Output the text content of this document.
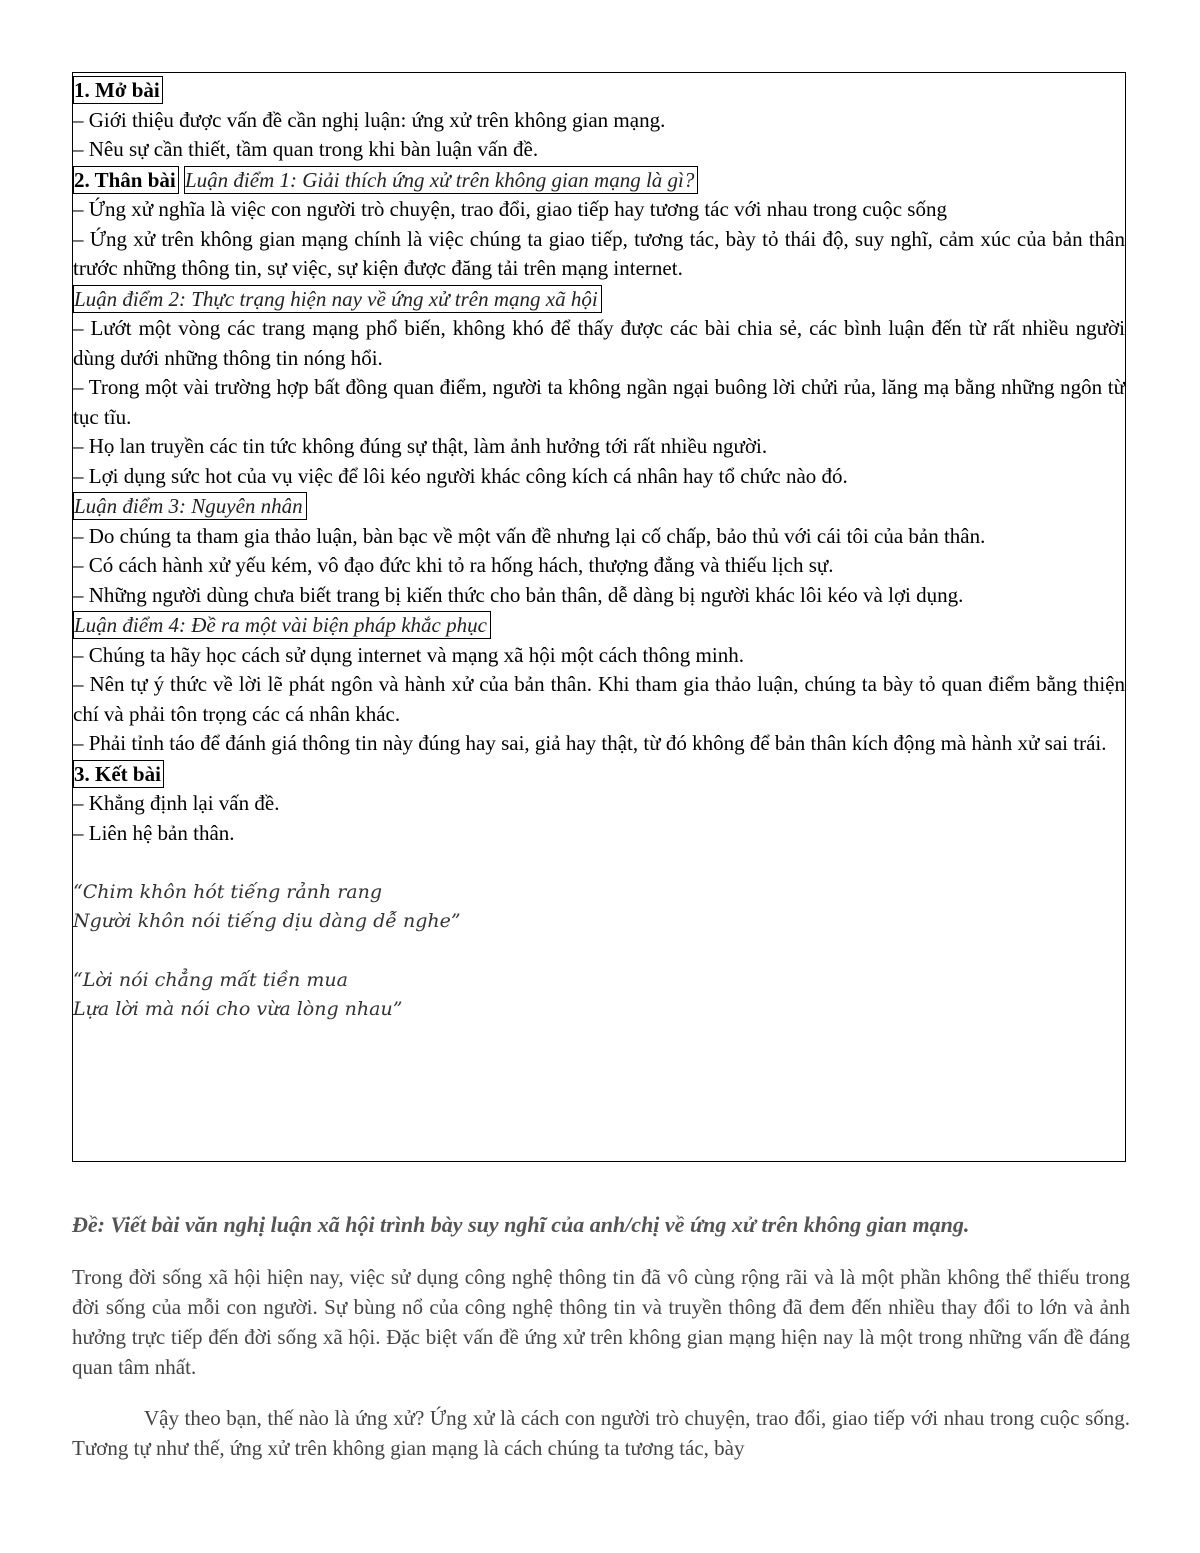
1. Mở bài
– Giới thiệu được vấn đề cần nghị luận: ứng xử trên không gian mạng.
– Nêu sự cần thiết, tầm quan trong khi bàn luận vấn đề.
2. Thân bài Luận điểm 1: Giải thích ứng xử trên không gian mạng là gì?
– Ứng xử nghĩa là việc con người trò chuyện, trao đổi, giao tiếp hay tương tác với nhau trong cuộc sống
– Ứng xử trên không gian mạng chính là việc chúng ta giao tiếp, tương tác, bày tỏ thái độ, suy nghĩ, cảm xúc của bản thân trước những thông tin, sự việc, sự kiện được đăng tải trên mạng internet.
Luận điểm 2: Thực trạng hiện nay về ứng xử trên mạng xã hội
– Lướt một vòng các trang mạng phổ biến, không khó để thấy được các bài chia sẻ, các bình luận đến từ rất nhiều người dùng dưới những thông tin nóng hổi.
– Trong một vài trường hợp bất đồng quan điểm, người ta không ngần ngại buông lời chửi rủa, lăng mạ bằng những ngôn từ tục tĩu.
– Họ lan truyền các tin tức không đúng sự thật, làm ảnh hưởng tới rất nhiều người.
– Lợi dụng sức hot của vụ việc để lôi kéo người khác công kích cá nhân hay tổ chức nào đó.
Luận điểm 3: Nguyên nhân
– Do chúng ta tham gia thảo luận, bàn bạc về một vấn đề nhưng lại cố chấp, bảo thủ với cái tôi của bản thân.
– Có cách hành xử yếu kém, vô đạo đức khi tỏ ra hống hách, thượng đẳng và thiếu lịch sự.
– Những người dùng chưa biết trang bị kiến thức cho bản thân, dễ dàng bị người khác lôi kéo và lợi dụng.
Luận điểm 4: Đề ra một vài biện pháp khắc phục
– Chúng ta hãy học cách sử dụng internet và mạng xã hội một cách thông minh.
– Nên tự ý thức về lời lẽ phát ngôn và hành xử của bản thân. Khi tham gia thảo luận, chúng ta bày tỏ quan điểm bằng thiện chí và phải tôn trọng các cá nhân khác.
– Phải tỉnh táo để đánh giá thông tin này đúng hay sai, giả hay thật, từ đó không để bản thân kích động mà hành xử sai trái.
3. Kết bài
– Khẳng định lại vấn đề.
– Liên hệ bản thân.
“Chim khôn hót tiếng rảnh rang
Người khôn nói tiếng dịu dàng dễ nghe”
“Lời nói chẳng mất tiền mua
Lựa lời mà nói cho vừa lòng nhau”
Đề: Viết bài văn nghị luận xã hội trình bày suy nghĩ của anh/chị về ứng xử trên không gian mạng.

Trong đời sống xã hội hiện nay, việc sử dụng công nghệ thông tin đã vô cùng rộng rãi và là một phần không thể thiếu trong đời sống của mỗi con người. Sự bùng nổ của công nghệ thông tin và truyền thông đã đem đến nhiều thay đổi to lớn và ảnh hưởng trực tiếp đến đời sống xã hội. Đặc biệt vấn đề ứng xử trên không gian mạng hiện nay là một trong những vấn đề đáng quan tâm nhất.

Vậy theo bạn, thế nào là ứng xử? Ứng xử là cách con người trò chuyện, trao đổi, giao tiếp với nhau trong cuộc sống. Tương tự như thế, ứng xử trên không gian mạng là cách chúng ta tương tác, bày
